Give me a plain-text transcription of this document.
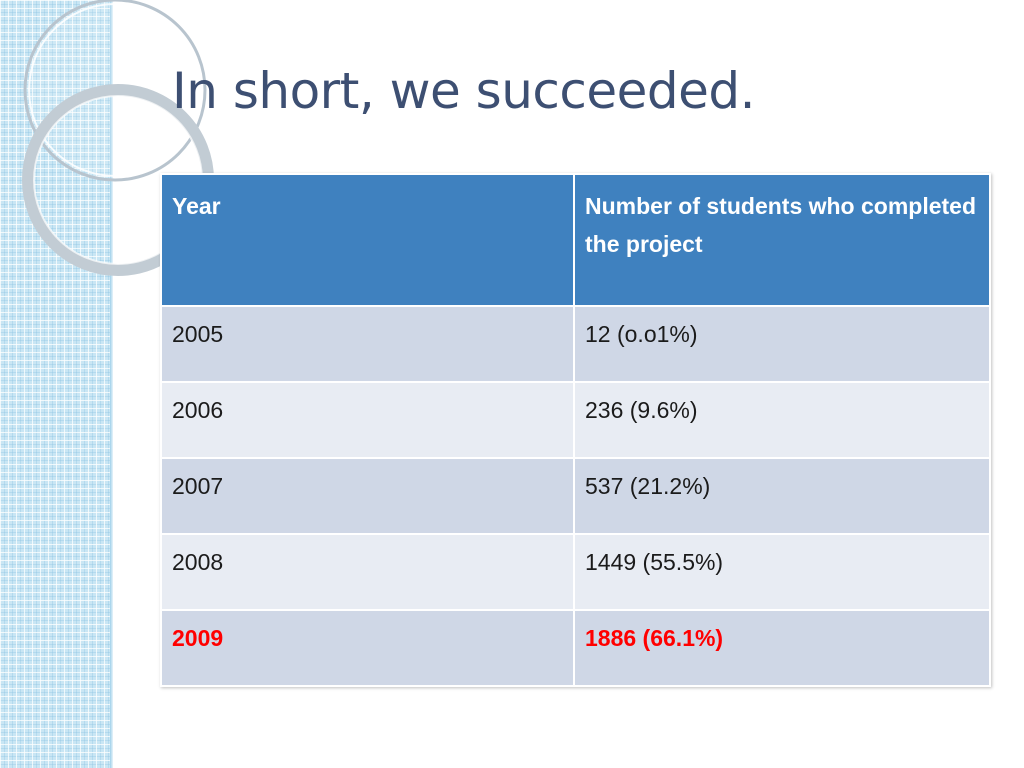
In short, we succeeded.
Year	Number of students who completed the project
2005	12 (o.o1%)
2006	236 (9.6%)
2007	537 (21.2%)
2008	1449 (55.5%)
2009	1886 (66.1%)
